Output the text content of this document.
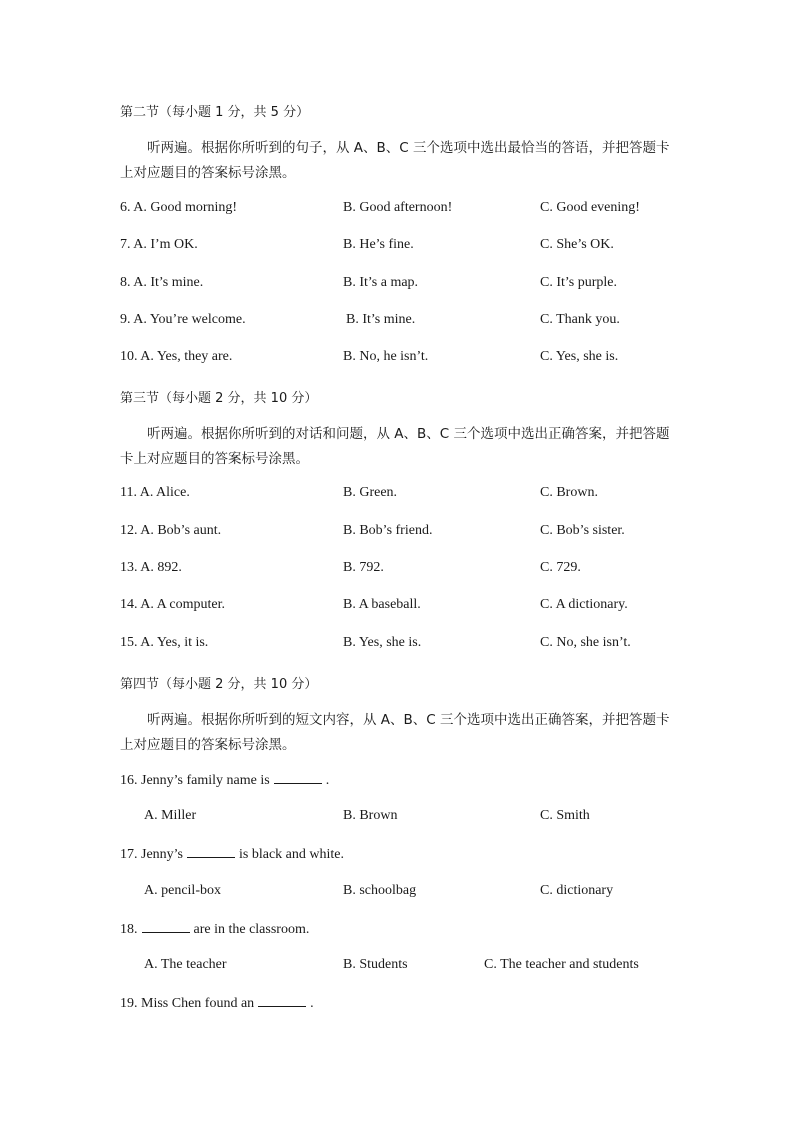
第二节（每小题 1 分，共 5 分）
听两遍。根据你所听到的句子，从 A、B、C 三个选项中选出最恰当的答语，并把答题卡上对应题目的答案标号涂黑。
6. A. Good morning!	B. Good afternoon!	C. Good evening!
7. A. I’m OK.	B. He’s fine.	C. She’s OK.
8. A. It’s mine.	B. It’s a map.	C. It’s purple.
9. A. You’re welcome.	B. It’s mine.	C. Thank you.
10. A. Yes, they are.	B. No, he isn’t.	C. Yes, she is.
第三节（每小题 2 分，共 10 分）
听两遍。根据你所听到的对话和问题，从 A、B、C 三个选项中选出正确答案，并把答题卡上对应题目的答案标号涂黑。
11. A. Alice.	B. Green.	C. Brown.
12. A. Bob’s aunt.	B. Bob’s friend.	C. Bob’s sister.
13. A. 892.	B. 792.	C. 729.
14. A. A computer.	B. A baseball.	C. A dictionary.
15. A. Yes, it is.	B. Yes, she is.	C. No, she isn’t.
第四节（每小题 2 分，共 10 分）
听两遍。根据你所听到的短文内容，从 A、B、C 三个选项中选出正确答案，并把答题卡上对应题目的答案标号涂黑。
16. Jenny’s family name is	.
A. Miller	B. Brown	C. Smith
17. Jenny’s	is black and white.
A. pencil-box	B. schoolbag	C. dictionary
18.	are in the classroom.
A. The teacher	B. Students	C. The teacher and students
19. Miss Chen found an	.
